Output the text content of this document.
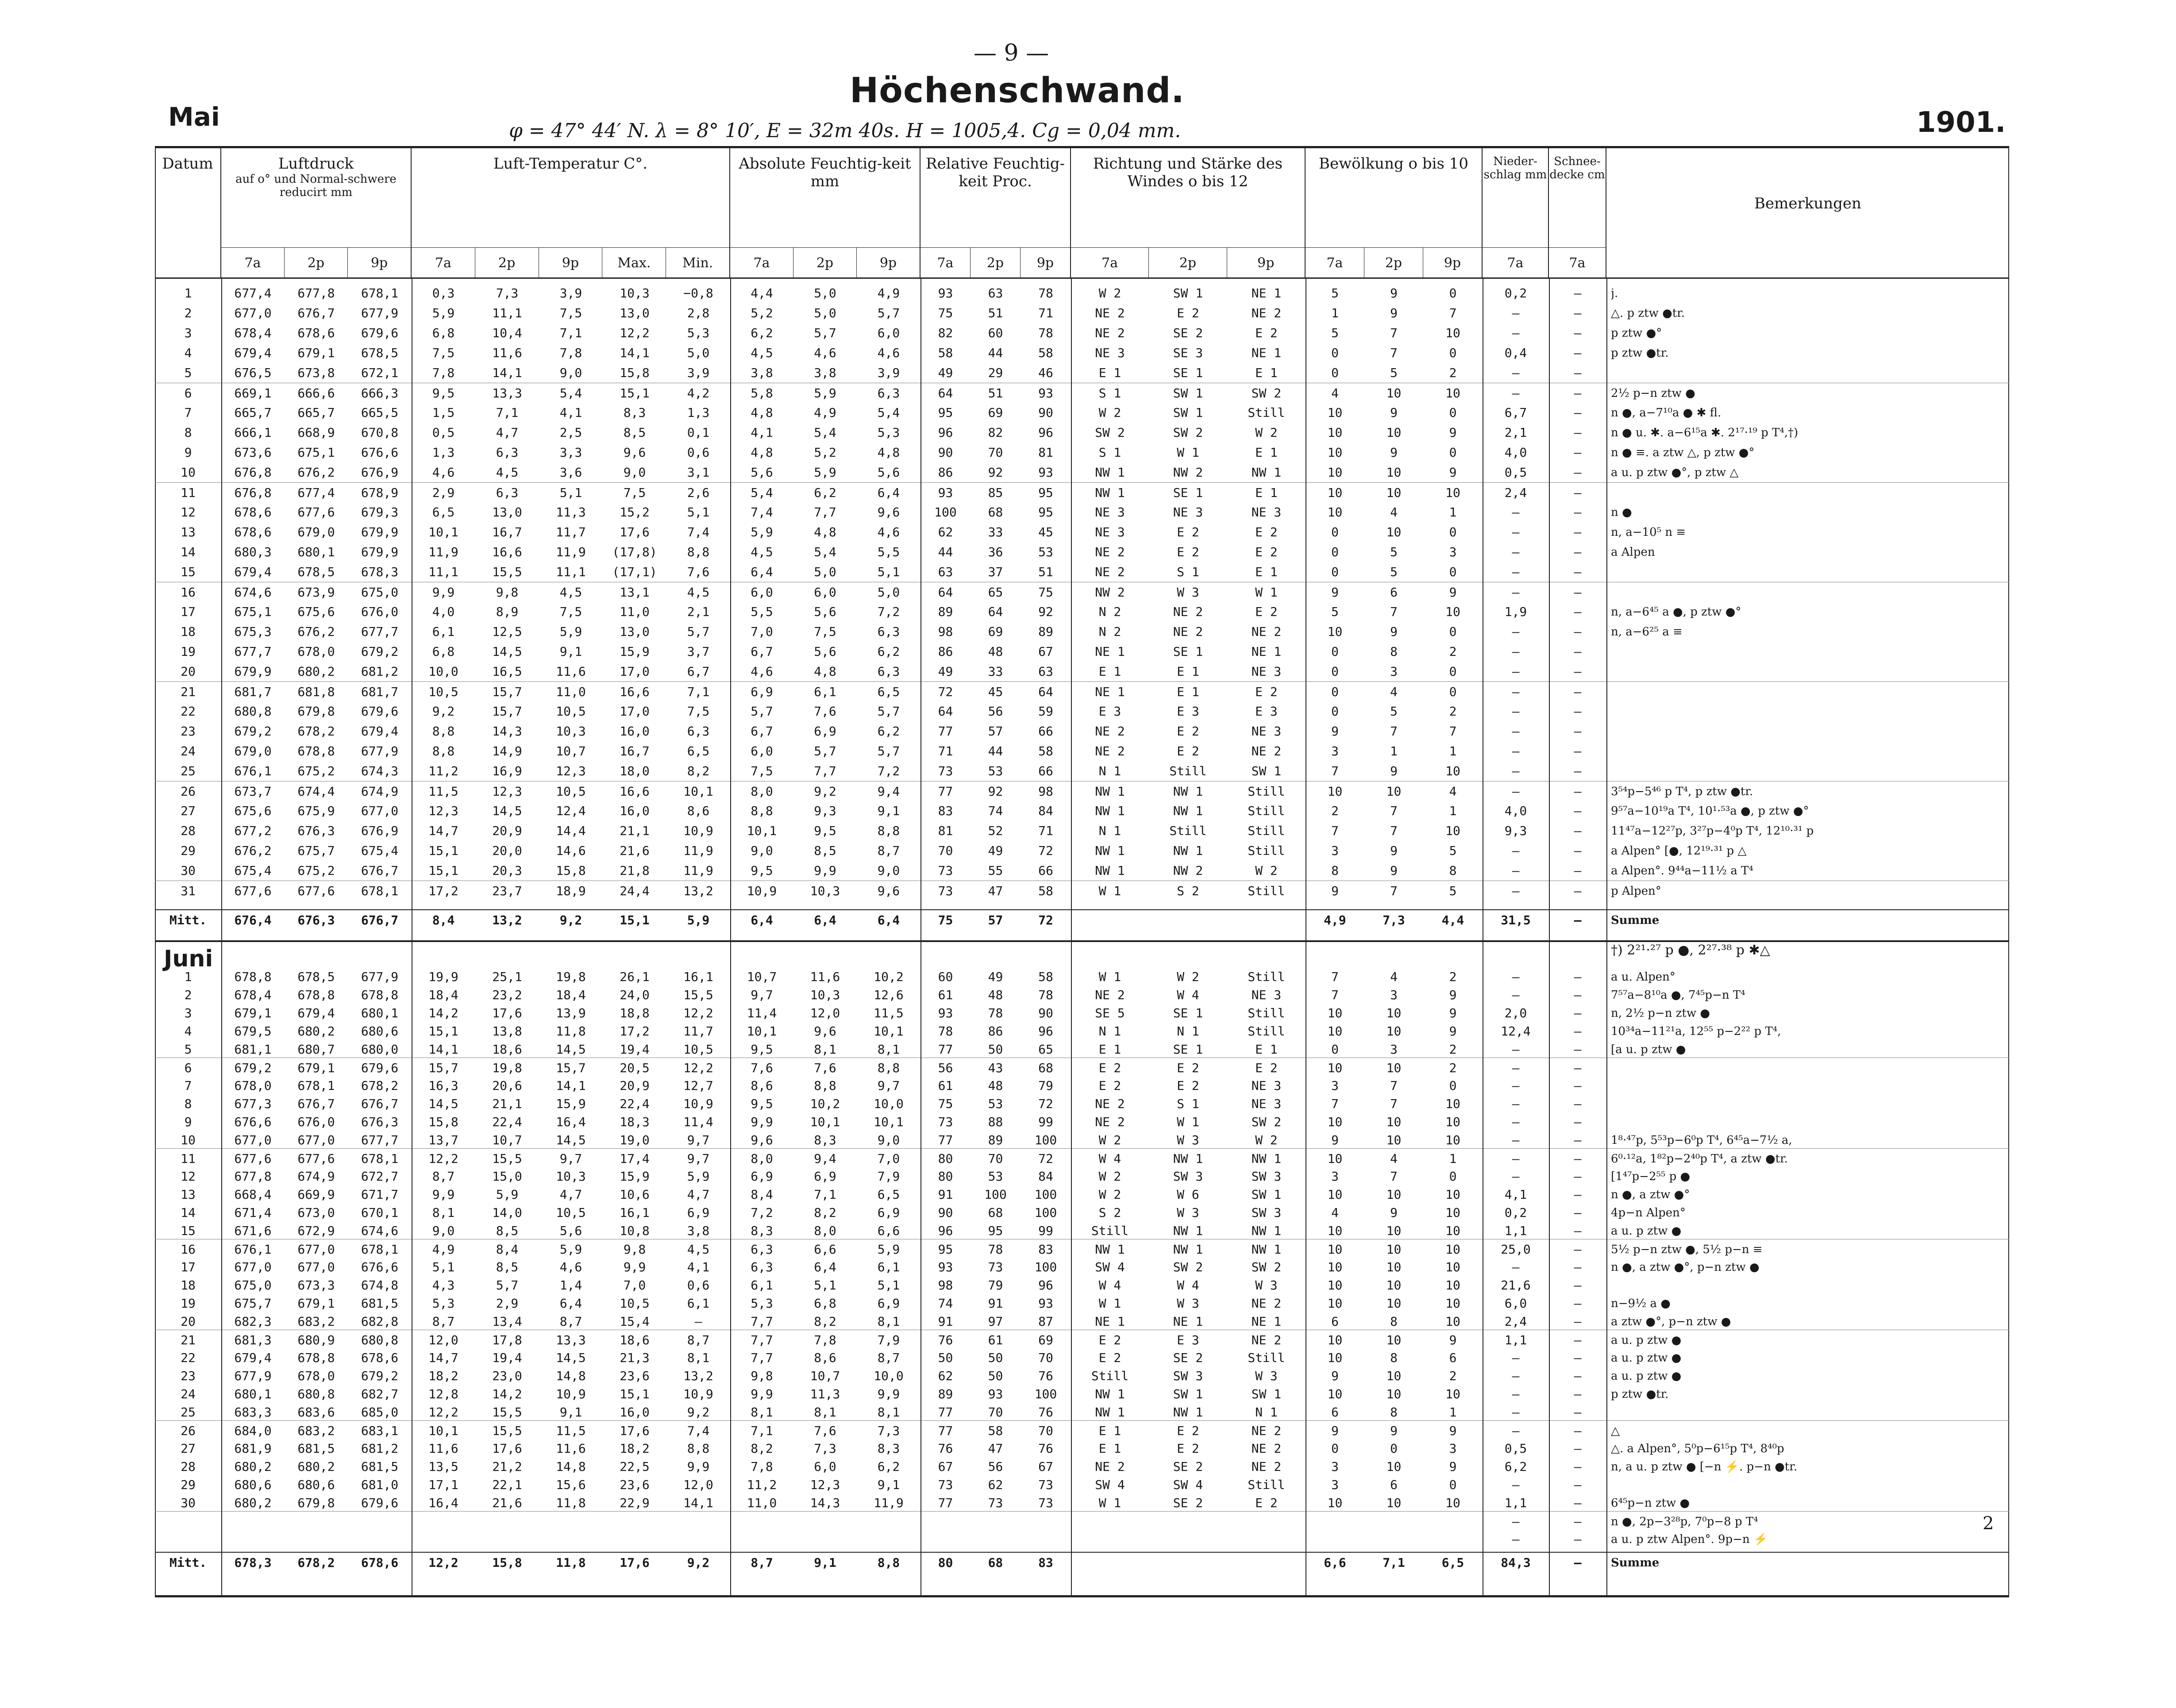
— 9 —
Höchenschwand.
φ = 47° 44′ N. λ = 8° 10′, E = 32m 40s. H = 1005,4. Cg = 0,04 mm.	1901.
Mai
Datum	Luftdruck
auf o° und Normal-schwere reducirt mm
7a	2p	9p
Luft-Temperatur C°.
7a	2p	9p	Max.	Min.
Absolute Feuchtig-keit mm
7a	2p	9p
Relative Feuchtig-keit Proc.
7a	2p	9p
Richtung und Stärke des Windes o bis 12
7a	2p	9p
Bewölkung o bis 10
7a	2p	9p
Nieder-schlag mm
7a
Schnee-decke cm
7a
Bemerkungen
1	677,4	677,8	678,1	0,3	7,3	3,9	10,3	−0,8	4,4	5,0	4,9	93	63	78	W 2	SW 1	NE 1	5	9	0	0,2	—	j.
2	677,0	676,7	677,9	5,9	11,1	7,5	13,0	2,8	5,2	5,0	5,7	75	51	71	NE 2	E 2	NE 2	1	9	7	—	—	△. p ztw ●tr.
3	678,4	678,6	679,6	6,8	10,4	7,1	12,2	5,3	6,2	5,7	6,0	82	60	78	NE 2	SE 2	E 2	5	7	10	—	—	p ztw ●°
4	679,4	679,1	678,5	7,5	11,6	7,8	14,1	5,0	4,5	4,6	4,6	58	44	58	NE 3	SE 3	NE 1	0	7	0	0,4	—	p ztw ●tr.
5	676,5	673,8	672,1	7,8	14,1	9,0	15,8	3,9	3,8	3,8	3,9	49	29	46	E 1	SE 1	E 1	0	5	2	—	—
6	669,1	666,6	666,3	9,5	13,3	5,4	15,1	4,2	5,8	5,9	6,3	64	51	93	S 1	SW 1	SW 2	4	10	10	—	—	2½ p−n ztw ●
7	665,7	665,7	665,5	1,5	7,1	4,1	8,3	1,3	4,8	4,9	5,4	95	69	90	W 2	SW 1	Still	10	9	0	6,7	—	n ●, a−7¹⁰a ● ✱ fl.
8	666,1	668,9	670,8	0,5	4,7	2,5	8,5	0,1	4,1	5,4	5,3	96	82	96	SW 2	SW 2	W 2	10	10	9	2,1	—	n ● u. ✱. a−6¹⁵a ✱. 2¹⁷·¹⁹ p T⁴,†)
9	673,6	675,1	676,6	1,3	6,3	3,3	9,6	0,6	4,8	5,2	4,8	90	70	81	S 1	W 1	E 1	10	9	0	4,0	—	n ● ≡. a ztw △, p ztw ●°
10	676,8	676,2	676,9	4,6	4,5	3,6	9,0	3,1	5,6	5,9	5,6	86	92	93	NW 1	NW 2	NW 1	10	10	9	0,5	—	a u. p ztw ●°, p ztw △
11	676,8	677,4	678,9	2,9	6,3	5,1	7,5	2,6	5,4	6,2	6,4	93	85	95	NW 1	SE 1	E 1	10	10	10	2,4	—
12	678,6	677,6	679,3	6,5	13,0	11,3	15,2	5,1	7,4	7,7	9,6	100	68	95	NE 3	NE 3	NE 3	10	4	1	—	—	n ●
13	678,6	679,0	679,9	10,1	16,7	11,7	17,6	7,4	5,9	4,8	4,6	62	33	45	NE 3	E 2	E 2	0	10	0	—	—	n, a−10⁵ n ≡
14	680,3	680,1	679,9	11,9	16,6	11,9	(17,8)	8,8	4,5	5,4	5,5	44	36	53	NE 2	E 2	E 2	0	5	3	—	—	a Alpen
15	679,4	678,5	678,3	11,1	15,5	11,1	(17,1)	7,6	6,4	5,0	5,1	63	37	51	NE 2	S 1	E 1	0	5	0	—	—
16	674,6	673,9	675,0	9,9	9,8	4,5	13,1	4,5	6,0	6,0	5,0	64	65	75	NW 2	W 3	W 1	9	6	9	—	—
17	675,1	675,6	676,0	4,0	8,9	7,5	11,0	2,1	5,5	5,6	7,2	89	64	92	N 2	NE 2	E 2	5	7	10	1,9	—	n, a−6⁴⁵ a ●, p ztw ●°
18	675,3	676,2	677,7	6,1	12,5	5,9	13,0	5,7	7,0	7,5	6,3	98	69	89	N 2	NE 2	NE 2	10	9	0	—	—	n, a−6²⁵ a ≡
19	677,7	678,0	679,2	6,8	14,5	9,1	15,9	3,7	6,7	5,6	6,2	86	48	67	NE 1	SE 1	NE 1	0	8	2	—	—
20	679,9	680,2	681,2	10,0	16,5	11,6	17,0	6,7	4,6	4,8	6,3	49	33	63	E 1	E 1	NE 3	0	3	0	—	—
21	681,7	681,8	681,7	10,5	15,7	11,0	16,6	7,1	6,9	6,1	6,5	72	45	64	NE 1	E 1	E 2	0	4	0	—	—
22	680,8	679,8	679,6	9,2	15,7	10,5	17,0	7,5	5,7	7,6	5,7	64	56	59	E 3	E 3	E 3	0	5	2	—	—
23	679,2	678,2	679,4	8,8	14,3	10,3	16,0	6,3	6,7	6,9	6,2	77	57	66	NE 2	E 2	NE 3	9	7	7	—	—
24	679,0	678,8	677,9	8,8	14,9	10,7	16,7	6,5	6,0	5,7	5,7	71	44	58	NE 2	E 2	NE 2	3	1	1	—	—
25	676,1	675,2	674,3	11,2	16,9	12,3	18,0	8,2	7,5	7,7	7,2	73	53	66	N 1	Still	SW 1	7	9	10	—	—
26	673,7	674,4	674,9	11,5	12,3	10,5	16,6	10,1	8,0	9,2	9,4	77	92	98	NW 1	NW 1	Still	10	10	4	—	—	3⁵⁴p−5⁴⁶ p T⁴, p ztw ●tr.
27	675,6	675,9	677,0	12,3	14,5	12,4	16,0	8,6	8,8	9,3	9,1	83	74	84	NW 1	NW 1	Still	2	7	1	4,0	—	9⁵⁷a−10¹⁹a T⁴, 10¹·⁵³a ●, p ztw ●°
28	677,2	676,3	676,9	14,7	20,9	14,4	21,1	10,9	10,1	9,5	8,8	81	52	71	N 1	Still	Still	7	7	10	9,3	—	11⁴⁷a−12²⁷p, 3²⁷p−4⁰p T⁴, 12¹⁰·³¹ p
29	676,2	675,7	675,4	15,1	20,0	14,6	21,6	11,9	9,0	8,5	8,7	70	49	72	NW 1	NW 1	Still	3	9	5	—	—	a Alpen° [●, 12¹⁹·³¹ p △
30	675,4	675,2	676,7	15,1	20,3	15,8	21,8	11,9	9,5	9,9	9,0	73	55	66	NW 1	NW 2	W 2	8	9	8	—	—	a Alpen°. 9⁴⁴a−11½ a T⁴
31	677,6	677,6	678,1	17,2	23,7	18,9	24,4	13,2	10,9	10,3	9,6	73	47	58	W 1	S 2	Still	9	7	5	—	—	p Alpen°
Mitt.	676,4	676,3	676,7	8,4	13,2	9,2	15,1	5,9	6,4	6,4	6,4	75	57	72	4,9	7,3	4,4	31,5	—	Summe
Juni
1	678,8	678,5	677,9	19,9	25,1	19,8	26,1	16,1	10,7	11,6	10,2	60	49	58	W 1	W 2	Still	7	4	2	—	—	a u. Alpen°
2	678,4	678,8	678,8	18,4	23,2	18,4	24,0	15,5	9,7	10,3	12,6	61	48	78	NE 2	W 4	NE 3	7	3	9	—	—	7⁵⁷a−8¹⁰a ●, 7⁴⁵p−n T⁴
3	679,1	679,4	680,1	14,2	17,6	13,9	18,8	12,2	11,4	12,0	11,5	93	78	90	SE 5	SE 1	Still	10	10	9	2,0	—	n, 2½ p−n ztw ●
4	679,5	680,2	680,6	15,1	13,8	11,8	17,2	11,7	10,1	9,6	10,1	78	86	96	N 1	N 1	Still	10	10	9	12,4	—	10³⁴a−11²¹a, 12⁵⁵ p−2²² p T⁴,
5	681,1	680,7	680,0	14,1	18,6	14,5	19,4	10,5	9,5	8,1	8,1	77	50	65	E 1	SE 1	E 1	0	3	2	—	—	[a u. p ztw ●
6	679,2	679,1	679,6	15,7	19,8	15,7	20,5	12,2	7,6	7,6	8,8	56	43	68	E 2	E 2	E 2	10	10	2	—	—
7	678,0	678,1	678,2	16,3	20,6	14,1	20,9	12,7	8,6	8,8	9,7	61	48	79	E 2	E 2	NE 3	3	7	0	—	—
8	677,3	676,7	676,7	14,5	21,1	15,9	22,4	10,9	9,5	10,2	10,0	75	53	72	NE 2	S 1	NE 3	7	7	10	—	—
9	676,6	676,0	676,3	15,8	22,4	16,4	18,3	11,4	9,9	10,1	10,1	73	88	99	NE 2	W 1	SW 2	10	10	10	—	—
10	677,0	677,0	677,7	13,7	10,7	14,5	19,0	9,7	9,6	8,3	9,0	77	89	100	W 2	W 3	W 2	9	10	10	—	—	1⁸·⁴⁷p, 5⁵³p−6⁰p T⁴, 6⁴⁵a−7½ a,
11	677,6	677,6	678,1	12,2	15,5	9,7	17,4	9,7	8,0	9,4	7,0	80	70	72	W 4	NW 1	NW 1	10	4	1	—	—	6⁰·¹²a, 1⁸²p−2⁴⁰p T⁴, a ztw ●tr.
12	677,8	674,9	672,7	8,7	15,0	10,3	15,9	5,9	6,9	6,9	7,9	80	53	84	W 2	SW 3	SW 3	3	7	0	—	—	[1⁴⁷p−2⁵⁵ p ●
13	668,4	669,9	671,7	9,9	5,9	4,7	10,6	4,7	8,4	7,1	6,5	91	100	100	W 2	W 6	SW 1	10	10	10	4,1	—	n ●, a ztw ●°
14	671,4	673,0	670,1	8,1	14,0	10,5	16,1	6,9	7,2	8,2	6,9	90	68	100	S 2	W 3	SW 3	4	9	10	0,2	—	4p−n Alpen°
15	671,6	672,9	674,6	9,0	8,5	5,6	10,8	3,8	8,3	8,0	6,6	96	95	99	Still	NW 1	NW 1	10	10	10	1,1	—	a u. p ztw ●
16	676,1	677,0	678,1	4,9	8,4	5,9	9,8	4,5	6,3	6,6	5,9	95	78	83	NW 1	NW 1	NW 1	10	10	10	25,0	—	5½ p−n ztw ●, 5½ p−n ≡
17	677,0	677,0	676,6	5,1	8,5	4,6	9,9	4,1	6,3	6,4	6,1	93	73	100	SW 4	SW 2	SW 2	10	10	10	—	—	n ●, a ztw ●°, p−n ztw ●
18	675,0	673,3	674,8	4,3	5,7	1,4	7,0	0,6	6,1	5,1	5,1	98	79	96	W 4	W 4	W 3	10	10	10	21,6	—
19	675,7	679,1	681,5	5,3	2,9	6,4	10,5	6,1	5,3	6,8	6,9	74	91	93	W 1	W 3	NE 2	10	10	10	6,0	—	n−9½ a ●
20	682,3	683,2	682,8	8,7	13,4	8,7	15,4	—	7,7	8,2	8,1	91	97	87	NE 1	NE 1	NE 1	6	8	10	2,4	—	a ztw ●°, p−n ztw ●
21	681,3	680,9	680,8	12,0	17,8	13,3	18,6	8,7	7,7	7,8	7,9	76	61	69	E 2	E 3	NE 2	10	10	9	1,1	—	a u. p ztw ●
22	679,4	678,8	678,6	14,7	19,4	14,5	21,3	8,1	7,7	8,6	8,7	50	50	70	E 2	SE 2	Still	10	8	6	—	—	a u. p ztw ●
23	677,9	678,0	679,2	18,2	23,0	14,8	23,6	13,2	9,8	10,7	10,0	62	50	76	Still	SW 3	W 3	9	10	2	—	—	a u. p ztw ●
24	680,1	680,8	682,7	12,8	14,2	10,9	15,1	10,9	9,9	11,3	9,9	89	93	100	NW 1	SW 1	SW 1	10	10	10	—	—	p ztw ●tr.
25	683,3	683,6	685,0	12,2	15,5	9,1	16,0	9,2	8,1	8,1	8,1	77	70	76	NW 1	NW 1	N 1	6	8	1	—	—
26	684,0	683,2	683,1	10,1	15,5	11,5	17,6	7,4	7,1	7,6	7,3	77	58	70	E 1	E 2	NE 2	9	9	9	—	—	△
27	681,9	681,5	681,2	11,6	17,6	11,6	18,2	8,8	8,2	7,3	8,3	76	47	76	E 1	E 2	NE 2	0	0	3	0,5	—	△. a Alpen°, 5⁰p−6¹⁵p T⁴, 8⁴⁰p
28	680,2	680,2	681,5	13,5	21,2	14,8	22,5	9,9	7,8	6,0	6,2	67	56	67	NE 2	SE 2	NE 2	3	10	9	6,2	—	n, a u. p ztw ● [−n ⚡. p−n ●tr.
29	680,6	680,6	681,0	17,1	22,1	15,6	23,6	12,0	11,2	12,3	9,1	73	62	73	SW 4	SW 4	Still	3	6	0	—	—
30	680,2	679,8	679,6	16,4	21,6	11,8	22,9	14,1	11,0	14,3	11,9	77	73	73	W 1	SE 2	E 2	10	10	10	1,1	—	6⁴⁵p−n ztw ●
—	—	n ●, 2p−3²⁸p, 7⁰p−8 p T⁴
—	—	a u. p ztw Alpen°. 9p−n ⚡
Mitt.	678,3	678,2	678,6	12,2	15,8	11,8	17,6	9,2	8,7	9,1	8,8	80	68	83	6,6	7,1	6,5	84,3	—	Summe
†) 2²¹·²⁷ p ●, 2²⁷·³⁸ p ✱△
2
